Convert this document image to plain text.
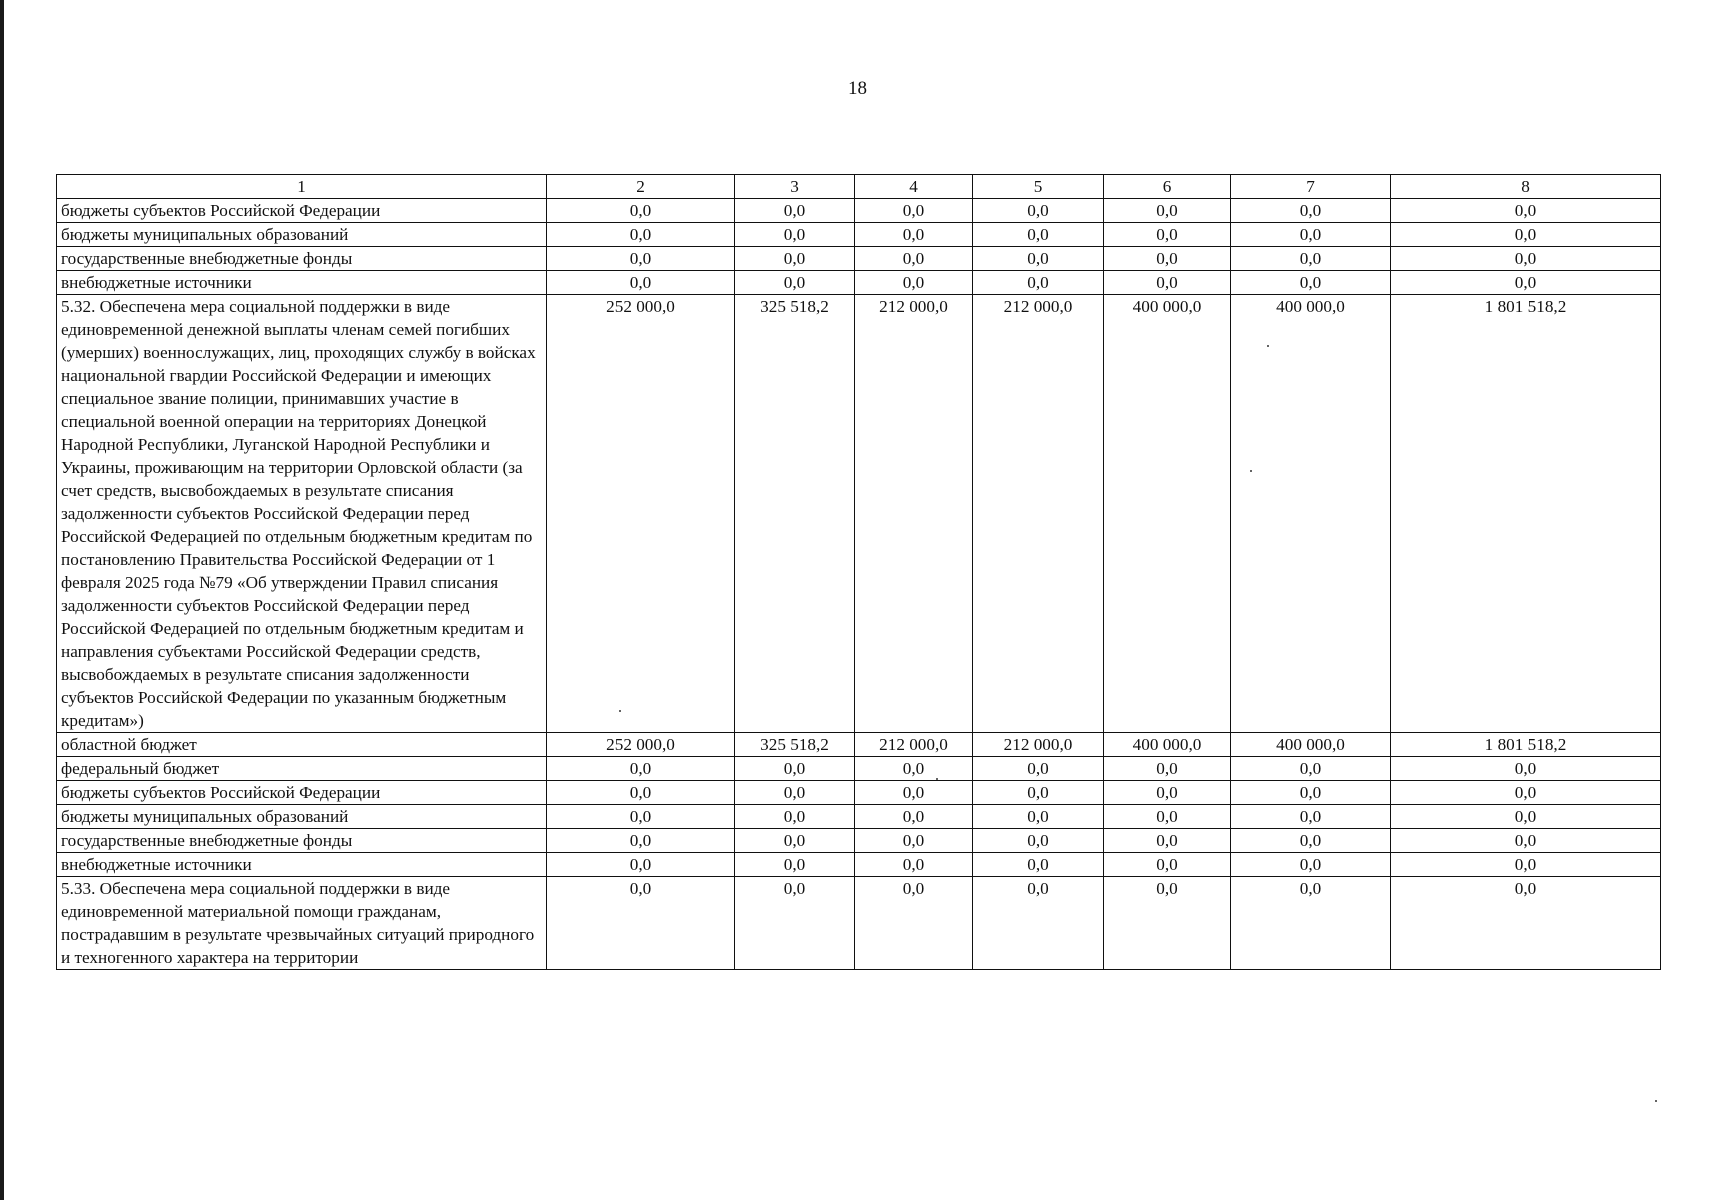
18
1	2	3	4	5	6	7	8
бюджеты субъектов Российской Федерации	0,0	0,0	0,0	0,0	0,0	0,0	0,0
бюджеты муниципальных образований	0,0	0,0	0,0	0,0	0,0	0,0	0,0
государственные внебюджетные фонды	0,0	0,0	0,0	0,0	0,0	0,0	0,0
внебюджетные источники	0,0	0,0	0,0	0,0	0,0	0,0	0,0
5.32. Обеспечена мера социальной поддержки в виде единовременной денежной выплаты членам семей погибших (умерших) военнослужащих, лиц, проходящих службу в войсках национальной гвардии Российской Федерации и имеющих специальное звание полиции, принимавших участие в специальной военной операции на территориях Донецкой Народной Республики, Луганской Народной Республики и Украины, проживающим на территории Орловской области (за счет средств, высвобождаемых в результате списания задолженности субъектов Российской Федерации перед Российской Федерацией по отдельным бюджетным кредитам по постановлению Правительства Российской Федерации от 1 февраля 2025 года №79 «Об утверждении Правил списания задолженности субъектов Российской Федерации перед Российской Федерацией по отдельным бюджетным кредитам и направления субъектами Российской Федерации средств, высвобождаемых в результате списания задолженности субъектов Российской Федерации по указанным бюджетным кредитам»)	252 000,0	325 518,2	212 000,0	212 000,0	400 000,0	400 000,0	1 801 518,2
областной бюджет	252 000,0	325 518,2	212 000,0	212 000,0	400 000,0	400 000,0	1 801 518,2
федеральный бюджет	0,0	0,0	0,0	0,0	0,0	0,0	0,0
бюджеты субъектов Российской Федерации	0,0	0,0	0,0	0,0	0,0	0,0	0,0
бюджеты муниципальных образований	0,0	0,0	0,0	0,0	0,0	0,0	0,0
государственные внебюджетные фонды	0,0	0,0	0,0	0,0	0,0	0,0	0,0
внебюджетные источники	0,0	0,0	0,0	0,0	0,0	0,0	0,0
5.33. Обеспечена мера социальной поддержки в виде единовременной материальной помощи гражданам, пострадавшим в результате чрезвычайных ситуаций природного и техногенного характера на территории	0,0	0,0	0,0	0,0	0,0	0,0	0,0
